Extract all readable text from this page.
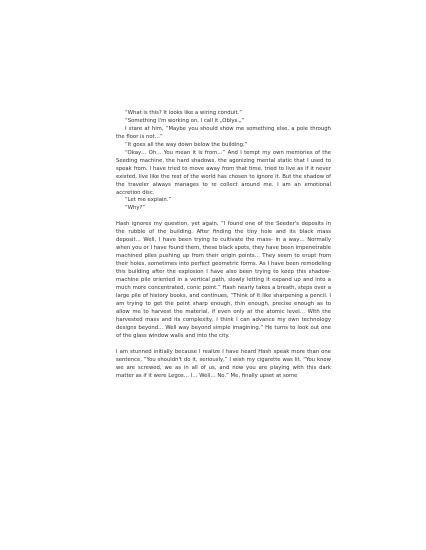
“What is this? It looks like a wiring conduit.”

“Something I'm working on, I call it „Oblys.„”

I stare at him, “Maybe you should show me something else, a pole through the floor is not…”

“It goes all the way down below the building.”

“Okay… Oh… You mean it is from…” And I tempt my own memories of the Seeding machine, the hard shadows, the agonizing mental static that I used to speak from. I have tried to move away from that time, tried to live as if it never existed, live like the rest of the world has chosen to ignore it. But the shadow of the traveler always manages to re collect around me. I am an emotional accretion disc.

“Let me explain.”

“Why?”

Hash ignores my question, yet again, “I found one of the Seeder's deposits in the rubble of the building. After finding the tiny hole and its black mass deposit… Well, I have been trying to cultivate the mass- in a way… Normally when you or I have found them, these black spots, they have been impenetrable machined piles pushing up from their origin points… They seem to erupt from their holes, sometimes into perfect geometric forms. As I have been remodeling this building after the explosion I have also been trying to keep this shadow-machine pile oriented in a vertical path, slowly letting it expand up and into a much more concentrated, conic point.” Hash nearly takes a breath, steps over a large pile of history books, and continues, “Think of it like sharpening a pencil. I am trying to get the point sharp enough, thin enough, precise enough as to allow me to harvest the material, if even only at the atomic level… With the harvested mass and its complexity, I think I can advance my own technology designs beyond… Well way beyond simple imagining.” He turns to look out one of the glass window walls and into the city.

I am stunned initially because I realize I have heard Hash speak more than one sentence, “You shouldn't do it, seriously,” I wish my cigarette was lit. “You know we are screwed, we as in all of us, and now you are playing with this dark matter as if it were Legos… I… Well… No.” Me, finally upset at some
